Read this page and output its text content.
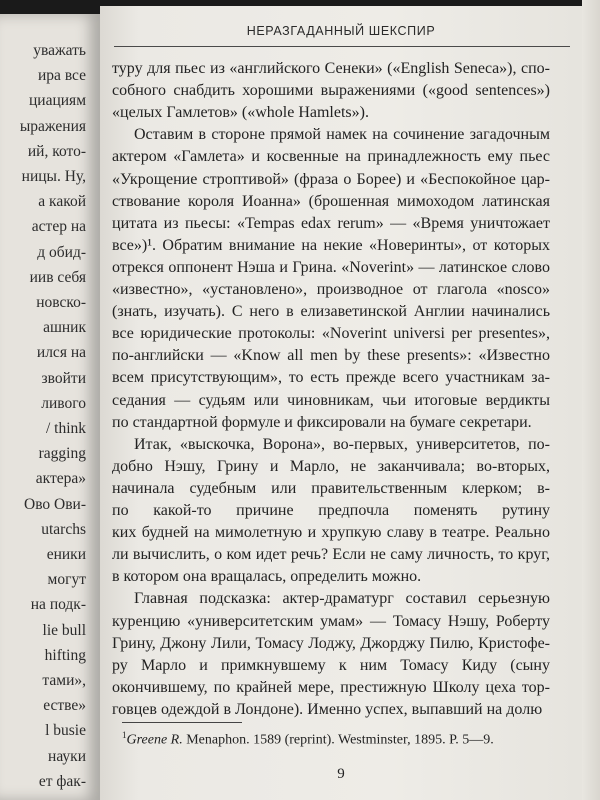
уважать
ира все
циациям
ыражения
ий, кото-
ницы. Ну,
а какой
астер на
д обид-
иив себя
новско-
ашник
ился на
звойти
ливого
/ think
ragging
актера»
Ово Ови-
utarchs
еники
могут
на подк-
lie bull
hifting
тами»,
естве»
l busie
науки
ет фак-
НЕРАЗГАДАННЫЙ ШЕКСПИР
туру для пьес из «английского Сенеки» («English Seneca»), спо-
собного снабдить хорошими выражениями («good sentences»)
«целых Гамлетов» («whole Hamlets»).
Оставим в стороне прямой намек на сочинение загадочным
актером «Гамлета» и косвенные на принадлежность ему пьес
«Укрощение строптивой» (фраза о Борее) и «Беспокойное цар-
ствование короля Иоанна» (брошенная мимоходом латинская
цитата из пьесы: «Tempas edax rerum» — «Время уничтожает
все»)¹. Обратим внимание на некие «Новеринты», от которых
отрекся оппонент Нэша и Грина. «Noverint» — латинское слово
«известно», «установлено», производное от глагола «nosco»
(знать, изучать). С него в елизаветинской Англии начинались
все юридические протоколы: «Noverint universi per presentes»,
по-английски — «Know all men by these presents»: «Известно
всем присутствующим», то есть прежде всего участникам за-
седания — судьям или чиновникам, чьи итоговые вердикты
по стандартной формуле и фиксировали на бумаге секретари.
Итак, «выскочка, Ворона», во-первых, университетов, по-
добно Нэшу, Грину и Марло, не заканчивала; во-вторых,
начинала судебным или правительственным клерком; в-
по какой-то причине предпочла поменять рутину
ких будней на мимолетную и хрупкую славу в театре. Реально
ли вычислить, о ком идет речь? Если не саму личность, то круг,
в котором она вращалась, определить можно.
Главная подсказка: актер-драматург составил серьезную
куренцию «университетским умам» — Томасу Нэшу, Роберту
Грину, Джону Лили, Томасу Лоджу, Джорджу Пилю, Кристофе-
ру Марло и примкнувшему к ним Томасу Киду (сыну
окончившему, по крайней мере, престижную Школу цеха тор-
говцев одеждой в Лондоне). Именно успех, выпавший на долю
$^1$Greene R. Menaphon. 1589 (reprint). Westminster, 1895. P. 5—9.
9
